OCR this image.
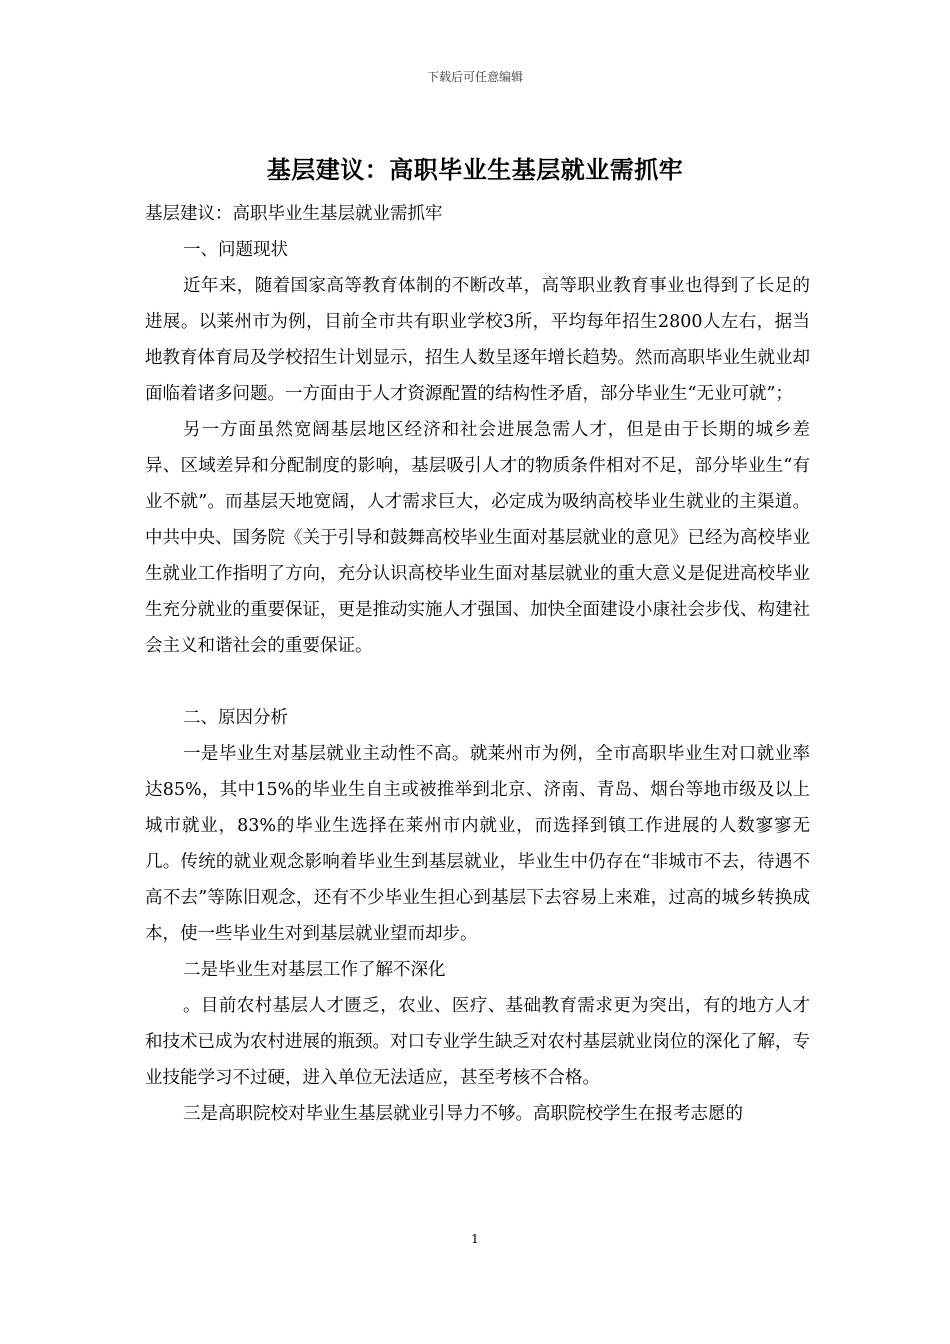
下载后可任意编辑
基层建议：高职毕业生基层就业需抓牢

基层建议：高职毕业生基层就业需抓牢

一、问题现状

近年来，随着国家高等教育体制的不断改革，高等职业教育事业也得到了长足的进展。以莱州市为例，目前全市共有职业学校3所，平均每年招生2800人左右，据当地教育体育局及学校招生计划显示，招生人数呈逐年增长趋势。然而高职毕业生就业却面临着诸多问题。一方面由于人才资源配置的结构性矛盾，部分毕业生“无业可就”；

另一方面虽然宽阔基层地区经济和社会进展急需人才，但是由于长期的城乡差异、区域差异和分配制度的影响，基层吸引人才的物质条件相对不足，部分毕业生“有业不就”。而基层天地宽阔，人才需求巨大，必定成为吸纳高校毕业生就业的主渠道。中共中央、国务院《关于引导和鼓舞高校毕业生面对基层就业的意见》已经为高校毕业生就业工作指明了方向，充分认识高校毕业生面对基层就业的重大意义是促进高校毕业生充分就业的重要保证，更是推动实施人才强国、加快全面建设小康社会步伐、构建社会主义和谐社会的重要保证。

二、原因分析

一是毕业生对基层就业主动性不高。就莱州市为例，全市高职毕业生对口就业率达85%，其中15%的毕业生自主或被推举到北京、济南、青岛、烟台等地市级及以上城市就业，83%的毕业生选择在莱州市内就业，而选择到镇工作进展的人数寥寥无几。传统的就业观念影响着毕业生到基层就业，毕业生中仍存在“非城市不去，待遇不高不去”等陈旧观念，还有不少毕业生担心到基层下去容易上来难，过高的城乡转换成本，使一些毕业生对到基层就业望而却步。

二是毕业生对基层工作了解不深化

。目前农村基层人才匮乏，农业、医疗、基础教育需求更为突出，有的地方人才和技术已成为农村进展的瓶颈。对口专业学生缺乏对农村基层就业岗位的深化了解，专业技能学习不过硬，进入单位无法适应，甚至考核不合格。

三是高职院校对毕业生基层就业引导力不够。高职院校学生在报考志愿的

1
